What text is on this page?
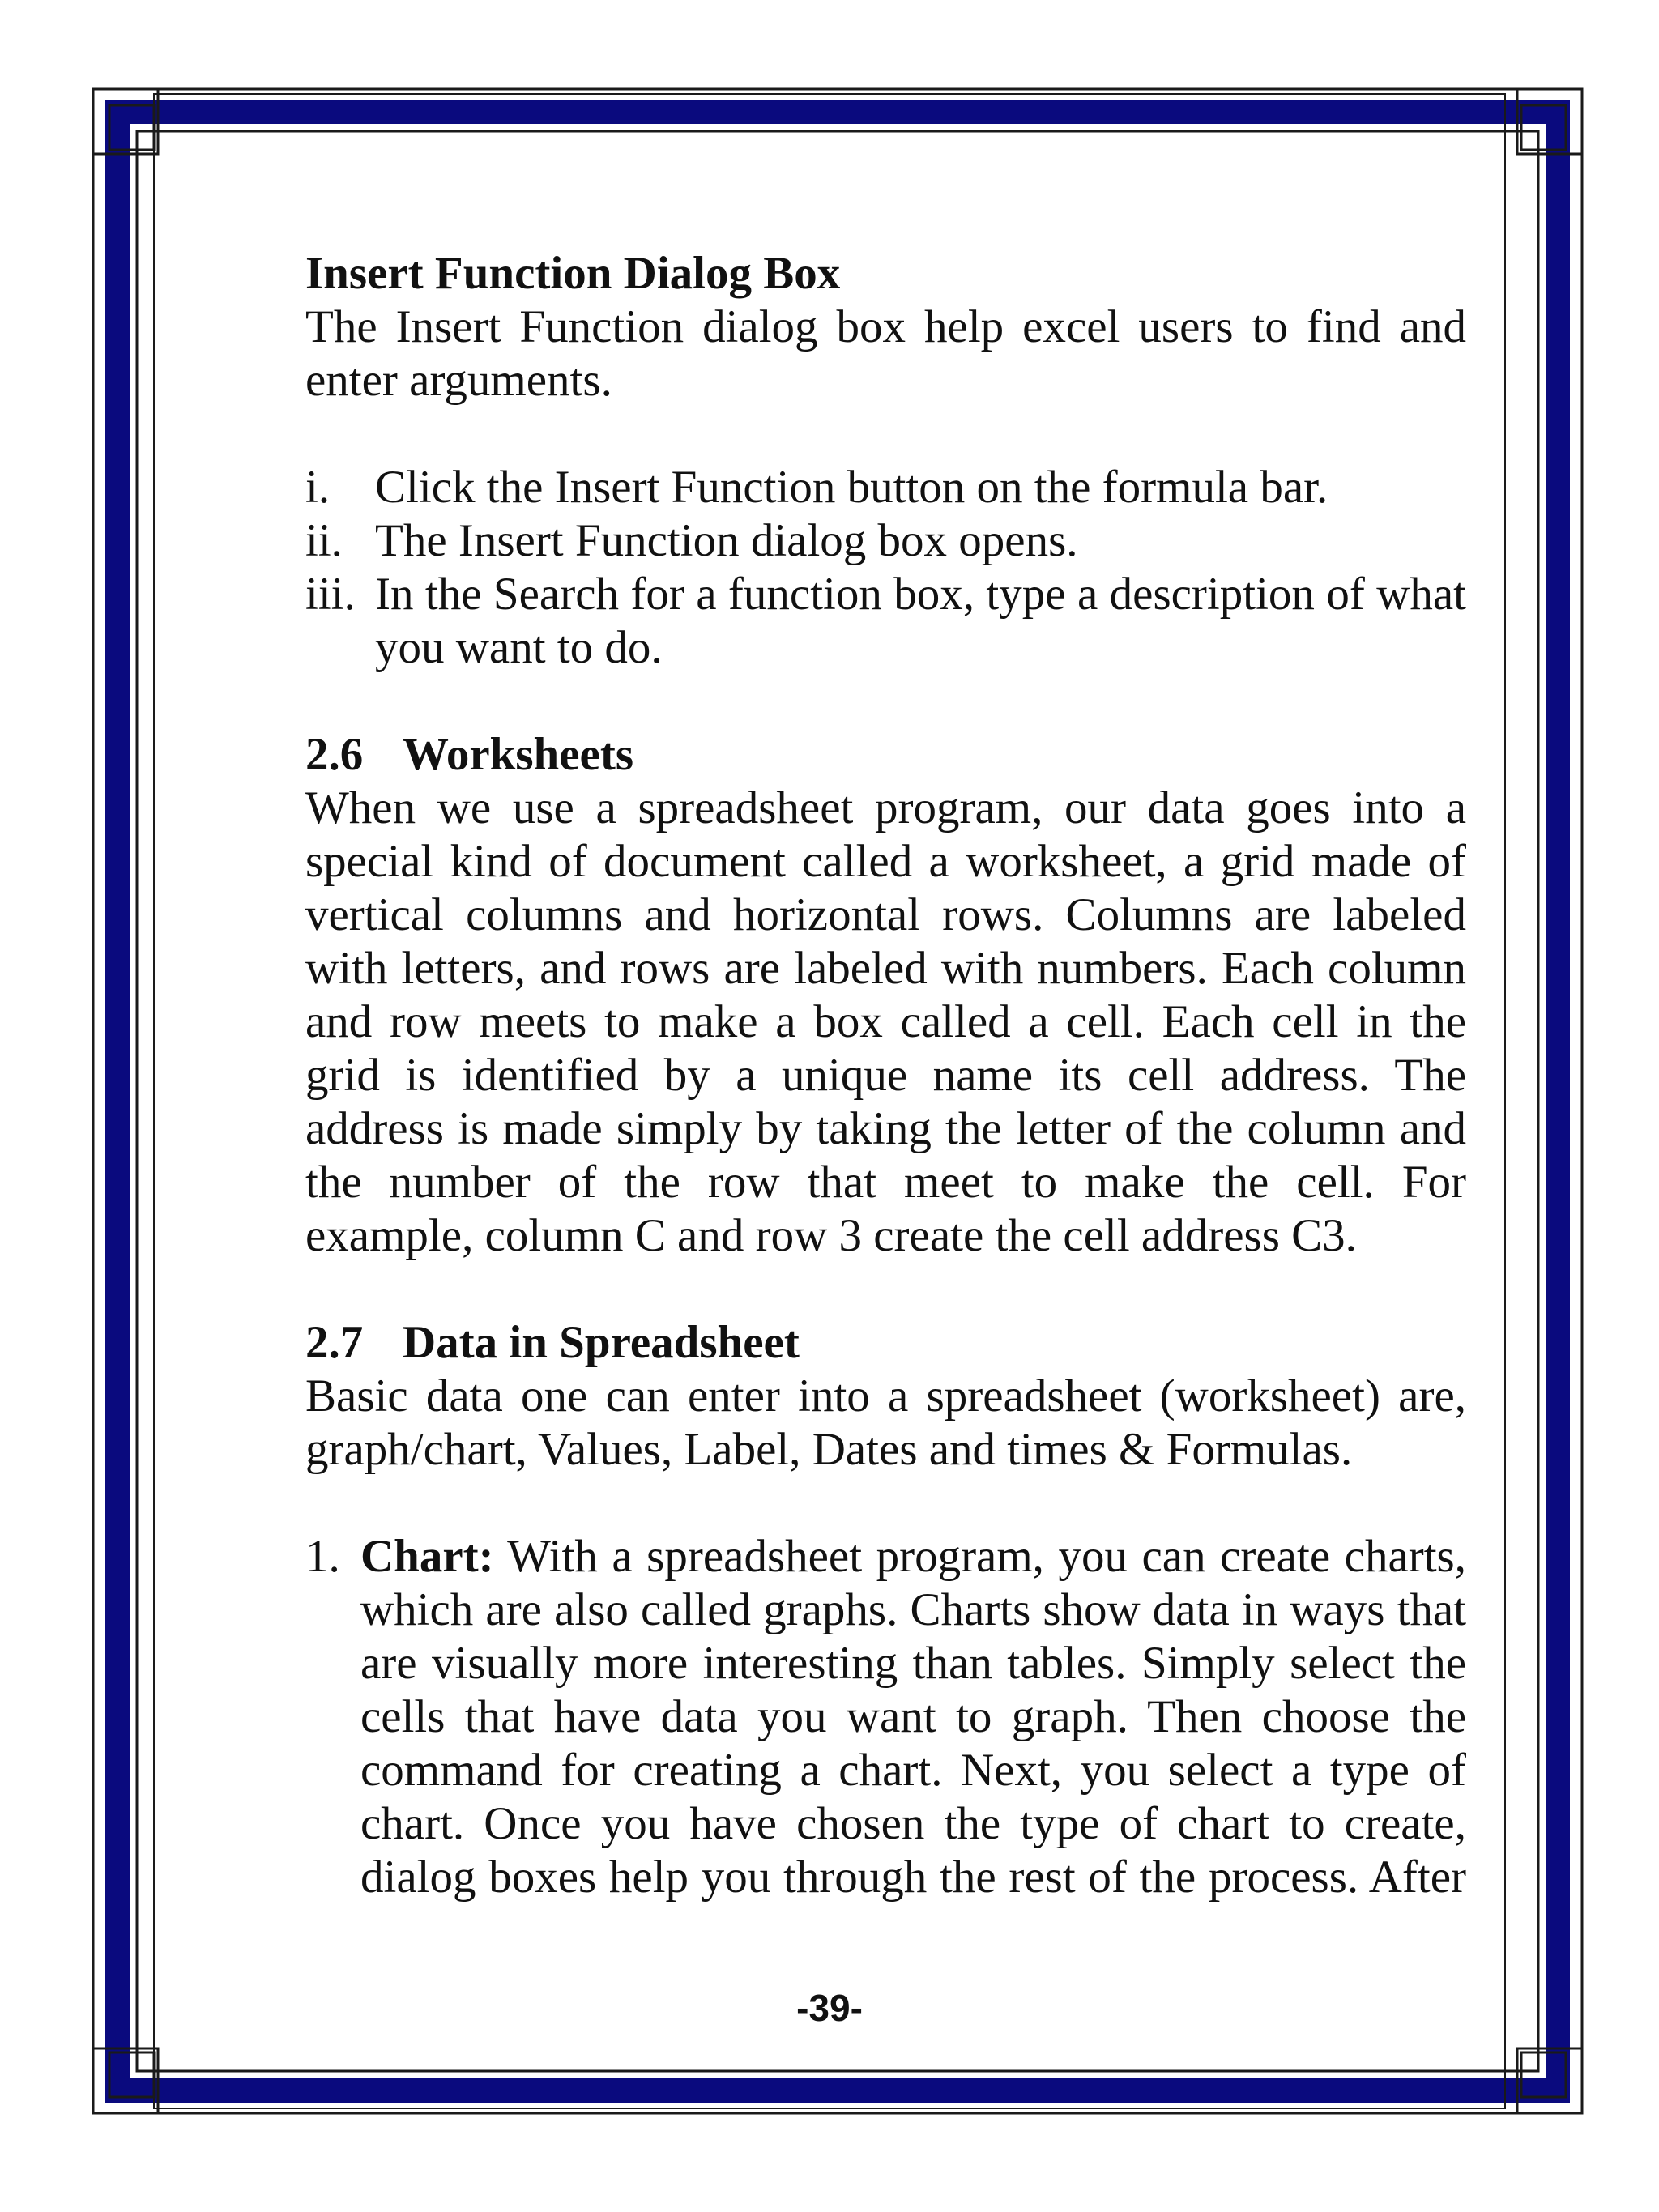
Insert Function Dialog Box

The Insert Function dialog box help excel users to find and enter arguments.

i. Click the Insert Function button on the formula bar.
ii. The Insert Function dialog box opens.
iii. In the Search for a function box, type a description of what you want to do.
2.6 Worksheets

When we use a spreadsheet program, our data goes into a special kind of document called a worksheet, a grid made of vertical columns and horizontal rows. Columns are labeled with letters, and rows are labeled with numbers. Each column and row meets to make a box called a cell. Each cell in the grid is identified by a unique name its cell address. The address is made simply by taking the letter of the column and the number of the row that meet to make the cell. For example, column C and row 3 create the cell address C3.

2.7 Data in Spreadsheet

Basic data one can enter into a spreadsheet (worksheet) are, graph/chart, Values, Label, Dates and times & Formulas.

1. Chart: With a spreadsheet program, you can create charts, which are also called graphs. Charts show data in ways that are visually more interesting than tables. Simply select the cells that have data you want to graph. Then choose the command for creating a chart. Next, you select a type of chart. Once you have chosen the type of chart to create, dialog boxes help you through the rest of the process. After
-39-
